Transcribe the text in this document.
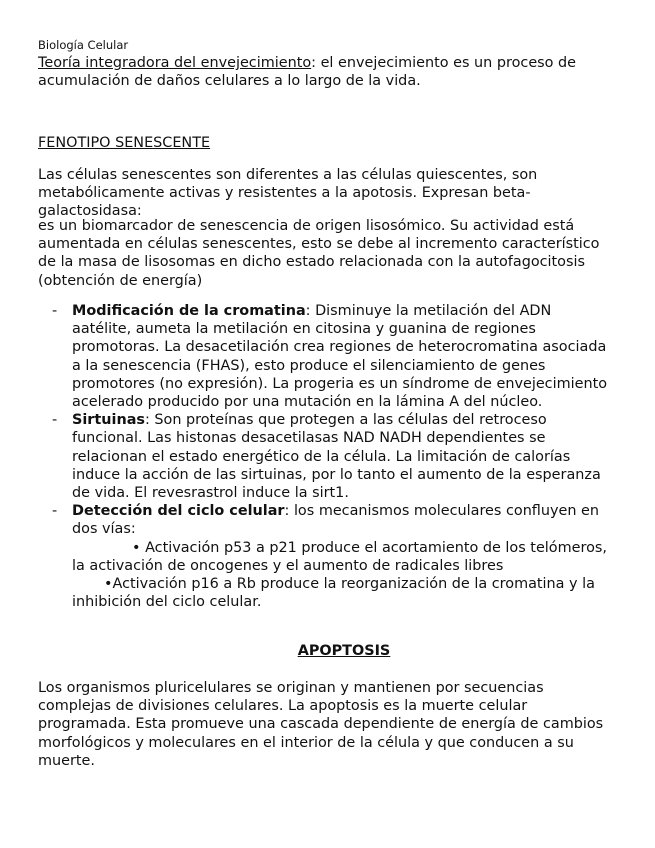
Biología Celular

Teoría integradora del envejecimiento: el envejecimiento es un proceso de acumulación de daños celulares a lo largo de la vida.

FENOTIPO SENESCENTE

Las células senescentes son diferentes a las células quiescentes, son metabólicamente activas y resistentes a la apotosis. Expresan beta-galactosidasa:

es un biomarcador de senescencia de origen lisosómico. Su actividad está aumentada en células senescentes, esto se debe al incremento característico de la masa de lisosomas en dicho estado relacionada con la autofagocitosis (obtención de energía)

- Modificación de la cromatina: Disminuye la metilación del ADN aatélite, aumeta la metilación en citosina y guanina de regiones promotoras. La desacetilación crea regiones de heterocromatina asociada a la senescencia (FHAS), esto produce el silenciamiento de genes promotores (no expresión). La progeria es un síndrome de envejecimiento acelerado producido por una mutación en la lámina A del núcleo.
- Sirtuinas: Son proteínas que protegen a las células del retroceso funcional. Las histonas desacetilasas NAD NADH dependientes se relacionan el estado energético de la célula. La limitación de calorías induce la acción de las sirtuinas, por lo tanto el aumento de la esperanza de vida. El revesrastrol induce la sirt1.
- Detección del ciclo celular: los mecanismos moleculares confluyen en dos vías:
• Activación p53 a p21 produce el acortamiento de los telómeros, la activación de oncogenes y el aumento de radicales libres
•Activación p16 a Rb produce la reorganización de la cromatina y la inhibición del ciclo celular.
APOPTOSIS

Los organismos pluricelulares se originan y mantienen por secuencias complejas de divisiones celulares. La apoptosis es la muerte celular programada. Esta promueve una cascada dependiente de energía de cambios morfológicos y moleculares en el interior de la célula y que conducen a su muerte.
